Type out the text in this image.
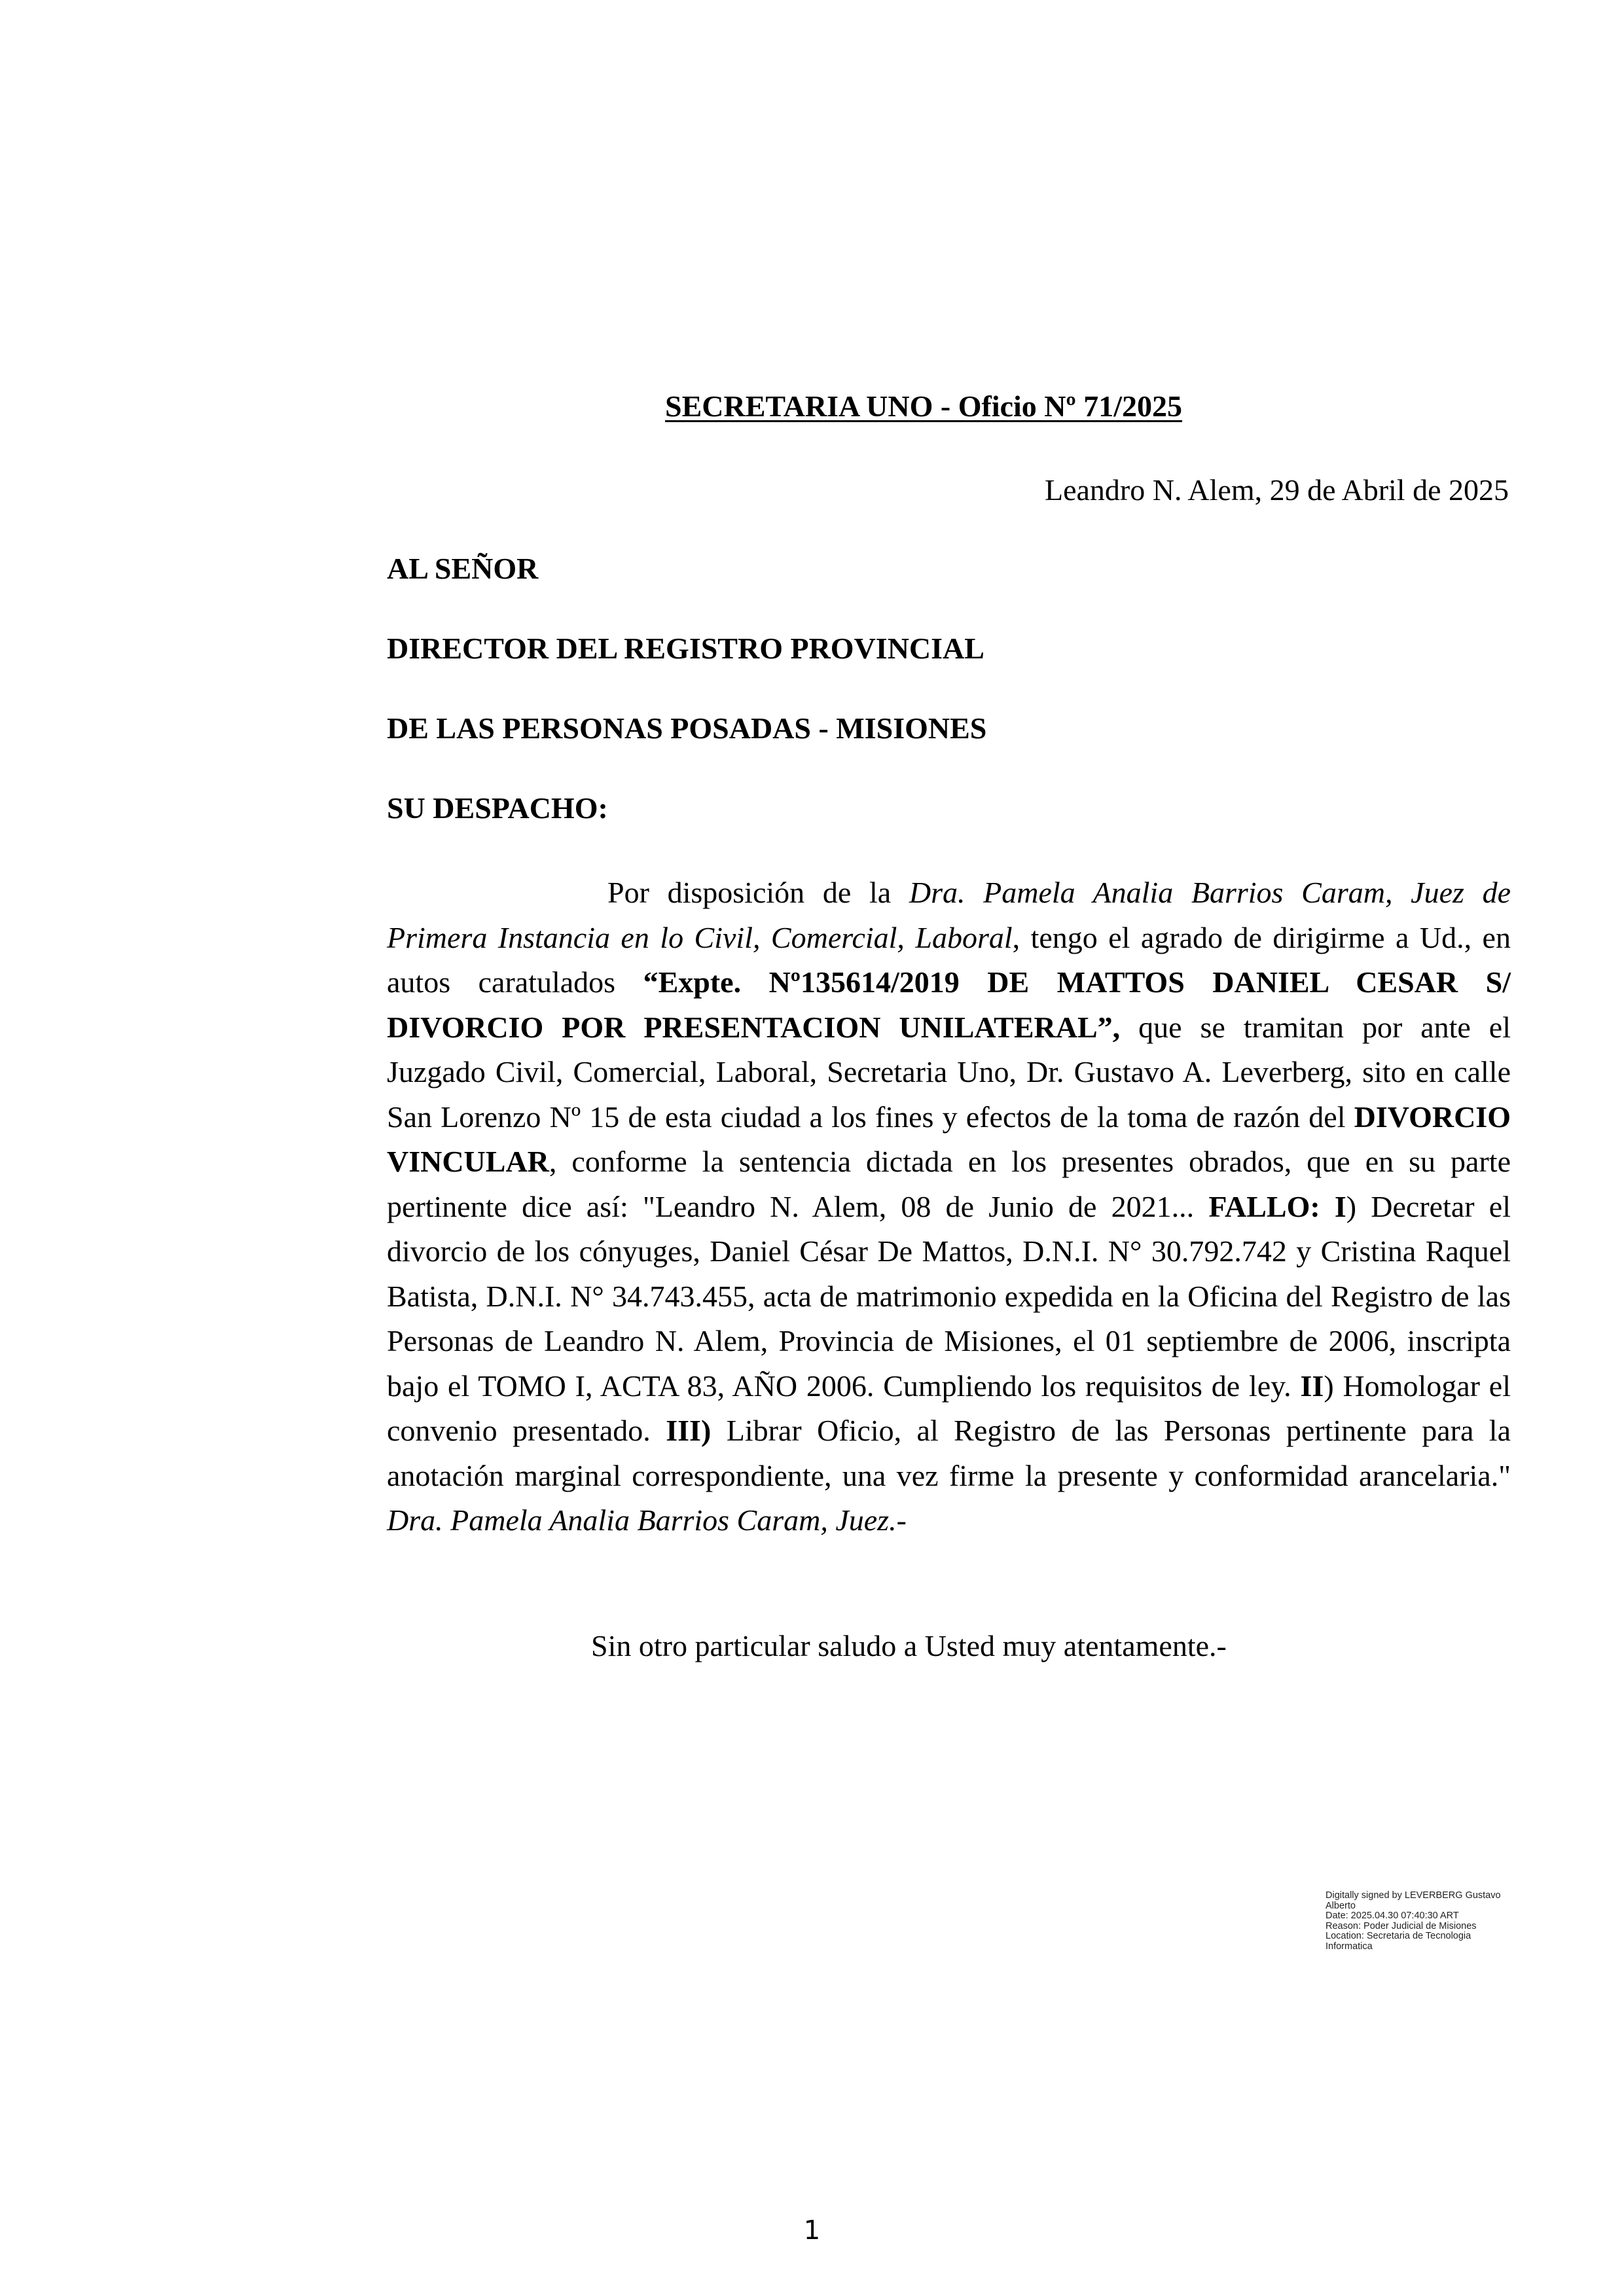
SECRETARIA UNO - Oficio Nº 71/2025
Leandro N. Alem, 29 de Abril de 2025
AL SEÑOR
DIRECTOR DEL REGISTRO PROVINCIAL
DE LAS PERSONAS POSADAS - MISIONES
SU DESPACHO:

Por disposición de la Dra. Pamela Analia Barrios Caram, Juez de Primera Instancia en lo Civil, Comercial, Laboral, tengo el agrado de dirigirme a Ud., en autos caratulados “Expte. Nº135614/2019 DE MATTOS DANIEL CESAR S/ DIVORCIO POR PRESENTACION UNILATERAL”, que se tramitan por ante el Juzgado Civil, Comercial, Laboral, Secretaria Uno, Dr. Gustavo A. Leverberg, sito en calle San Lorenzo Nº 15 de esta ciudad a los fines y efectos de la toma de razón del DIVORCIO VINCULAR, conforme la sentencia dictada en los presentes obrados, que en su parte pertinente dice así: "Leandro N. Alem, 08 de Junio de 2021... FALLO: I) Decretar el divorcio de los cónyuges, Daniel César De Mattos, D.N.I. N° 30.792.742 y Cristina Raquel Batista, D.N.I. N° 34.743.455, acta de matrimonio expedida en la Oficina del Registro de las Personas de Leandro N. Alem, Provincia de Misiones, el 01 septiembre de 2006, inscripta bajo el TOMO I, ACTA 83, AÑO 2006. Cumpliendo los requisitos de ley. II) Homologar el convenio presentado. III) Librar Oficio, al Registro de las Personas pertinente para la anotación marginal correspondiente, una vez firme la presente y conformidad arancelaria." Dra. Pamela Analia Barrios Caram, Juez.-

Sin otro particular saludo a Usted muy atentamente.-
Digitally signed by LEVERBERG Gustavo
Alberto
Date: 2025.04.30 07:40:30 ART
Reason: Poder Judicial de Misiones
Location: Secretaria de Tecnologia
Informatica
1
